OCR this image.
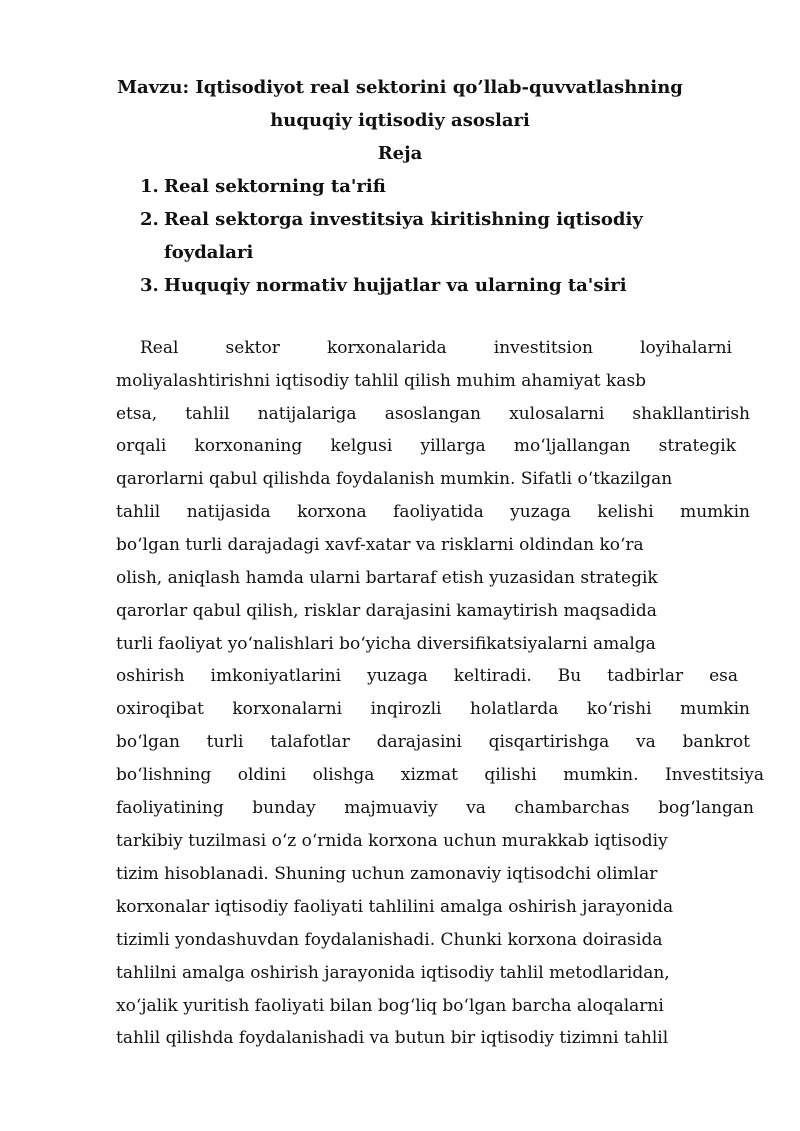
Mavzu: Iqtisodiyot real sektorini qo’llab-quvvatlashning
huquqiy iqtisodiy asoslari
Reja
1. Real sektorning ta'rifi
2. Real sektorga investitsiya kiritishning iqtisodiy
foydalari
3. Huquqiy normativ hujjatlar va ularning ta'siri
Real sektor korxonalarida investitsion loyihalarni
moliyalashtirishni iqtisodiy tahlil qilish muhim ahamiyat kasb
etsa, tahlil natijalariga asoslangan xulosalarni shakllantirish
orqali korxonaning kelgusi yillarga moʻljallangan strategik
qarorlarni qabul qilishda foydalanish mumkin. Sifatli oʻtkazilgan
tahlil natijasida korxona faoliyatida yuzaga kelishi mumkin
boʻlgan turli darajadagi xavf-xatar va risklarni oldindan koʻra
olish, aniqlash hamda ularni bartaraf etish yuzasidan strategik
qarorlar qabul qilish, risklar darajasini kamaytirish maqsadida
turli faoliyat yoʻnalishlari boʻyicha diversifikatsiyalarni amalga
oshirish imkoniyatlarini yuzaga keltiradi. Bu tadbirlar esa
oxiroqibat korxonalarni inqirozli holatlarda koʻrishi mumkin
boʻlgan turli talafotlar darajasini qisqartirishga va bankrot
boʻlishning oldini olishga xizmat qilishi mumkin. Investitsiya
faoliyatining bunday majmuaviy va chambarchas bogʻlangan
tarkibiy tuzilmasi oʻz oʻrnida korxona uchun murakkab iqtisodiy
tizim hisoblanadi. Shuning uchun zamonaviy iqtisodchi olimlar
korxonalar iqtisodiy faoliyati tahlilini amalga oshirish jarayonida
tizimli yondashuvdan foydalanishadi. Chunki korxona doirasida
tahlilni amalga oshirish jarayonida iqtisodiy tahlil metodlaridan,
xoʻjalik yuritish faoliyati bilan bogʻliq boʻlgan barcha aloqalarni
tahlil qilishda foydalanishadi va butun bir iqtisodiy tizimni tahlil
